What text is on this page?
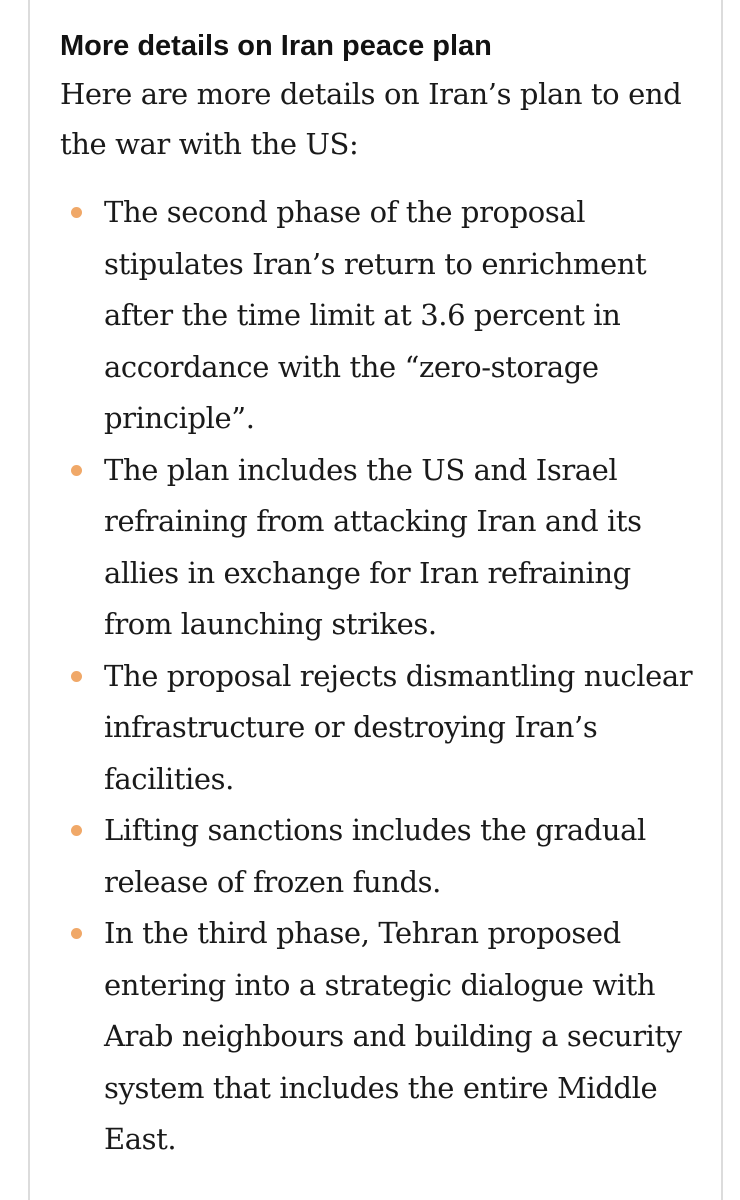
More details on Iran peace plan

Here are more details on Iran’s plan to end the war with the US:

The second phase of the proposal stipulates Iran’s return to enrichment after the time limit at 3.6 percent in accordance with the “zero-storage principle”.
The plan includes the US and Israel refraining from attacking Iran and its allies in exchange for Iran refraining from launching strikes.
The proposal rejects dismantling nuclear infrastructure or destroying Iran’s facilities.
Lifting sanctions includes the gradual release of frozen funds.
In the third phase, Tehran proposed entering into a strategic dialogue with Arab neighbours and building a security system that includes the entire Middle East.
